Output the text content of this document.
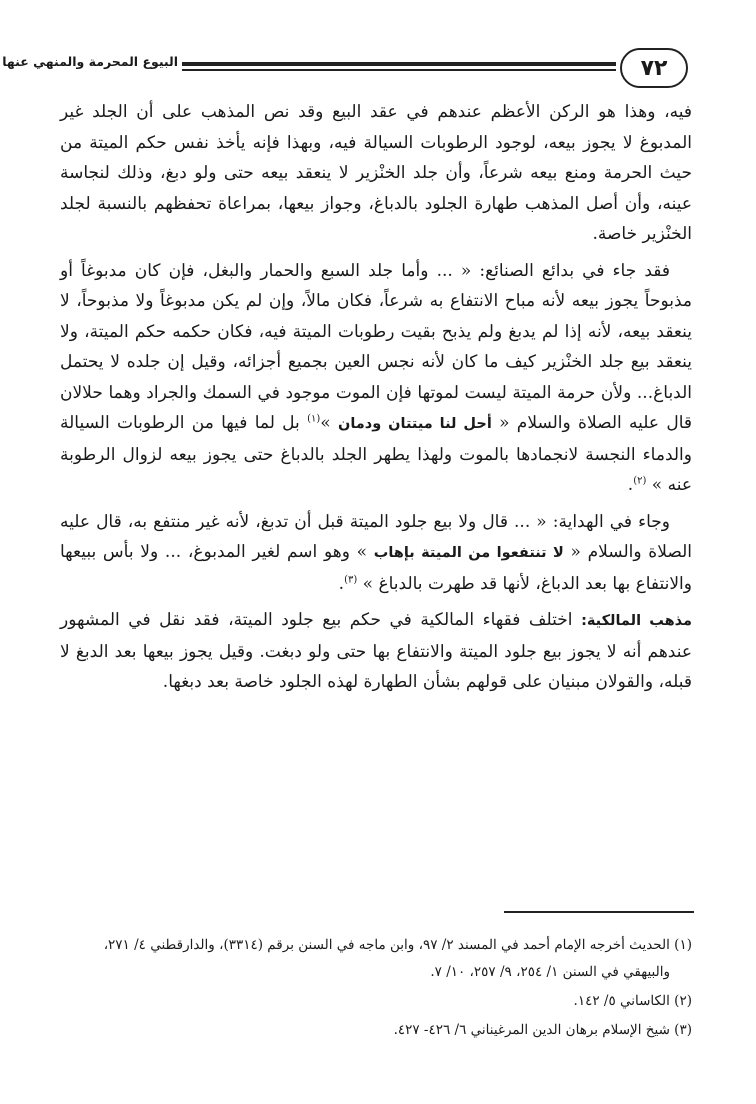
٧٢
البيوع المحرمة والمنهي عنها

فيه، وهذا هو الركن الأعظم عندهم في عقد البيع وقد نص المذهب على أن الجلد غير المدبوغ لا يجوز بيعه، لوجود الرطوبات السيالة فيه، وبهذا فإنه يأخذ نفس حكم الميتة من حيث الحرمة ومنع بيعه شرعاً، وأن جلد الخنْزير لا ينعقد بيعه حتى ولو دبغ، وذلك لنجاسة عينه، وأن أصل المذهب طهارة الجلود بالدباغ، وجواز بيعها، بمراعاة تحفظهم بالنسبة لجلد الخنْزير خاصة.

فقد جاء في بدائع الصنائع: « ... وأما جلد السبع والحمار والبغل، فإن كان مدبوغاً أو مذبوحاً يجوز بيعه لأنه مباح الانتفاع به شرعاً، فكان مالاً، وإن لم يكن مدبوغاً ولا مذبوحاً، لا ينعقد بيعه، لأنه إذا لم يدبغ ولم يذبح بقيت رطوبات الميتة فيه، فكان حكمه حكم الميتة، ولا ينعقد بيع جلد الخنْزير كيف ما كان لأنه نجس العين بجميع أجزائه، وقيل إن جلده لا يحتمل الدباغ... ولأن حرمة الميتة ليست لموتها فإن الموت موجود في السمك والجراد وهما حلالان قال عليه الصلاة والسلام « أحل لنا ميتتان ودمان »$^{(١)}$ بل لما فيها من الرطوبات السيالة والدماء النجسة لانجمادها بالموت ولهذا يطهر الجلد بالدباغ حتى يجوز بيعه لزوال الرطوبة عنه » $^{(٢)}$.

وجاء في الهداية: « ... قال ولا بيع جلود الميتة قبل أن تدبغ، لأنه غير منتفع به، قال عليه الصلاة والسلام « لا تنتفعوا من الميتة بإهاب » وهو اسم لغير المدبوغ، ... ولا بأس ببيعها والانتفاع بها بعد الدباغ، لأنها قد طهرت بالدباغ » $^{(٣)}$.

مذهب المالكية: اختلف فقهاء المالكية في حكم بيع جلود الميتة، فقد نقل في المشهور عندهم أنه لا يجوز بيع جلود الميتة والانتفاع بها حتى ولو دبغت. وقيل يجوز بيعها بعد الدبغ لا قبله، والقولان مبنيان على قولهم بشأن الطهارة لهذه الجلود خاصة بعد دبغها.

(١) الحديث أخرجه الإمام أحمد في المسند ٢/ ٩٧، وابن ماجه في السنن برقم (٣٣١٤)، والدارقطني ٤/ ٢٧١،
والبيهقي في السنن ١/ ٢٥٤، ٩/ ٢٥٧، ١٠/ ٧.
(٢) الكاساني ٥/ ١٤٢.
(٣) شيخ الإسلام برهان الدين المرغيناني ٦/ ٤٢٦- ٤٢٧.
